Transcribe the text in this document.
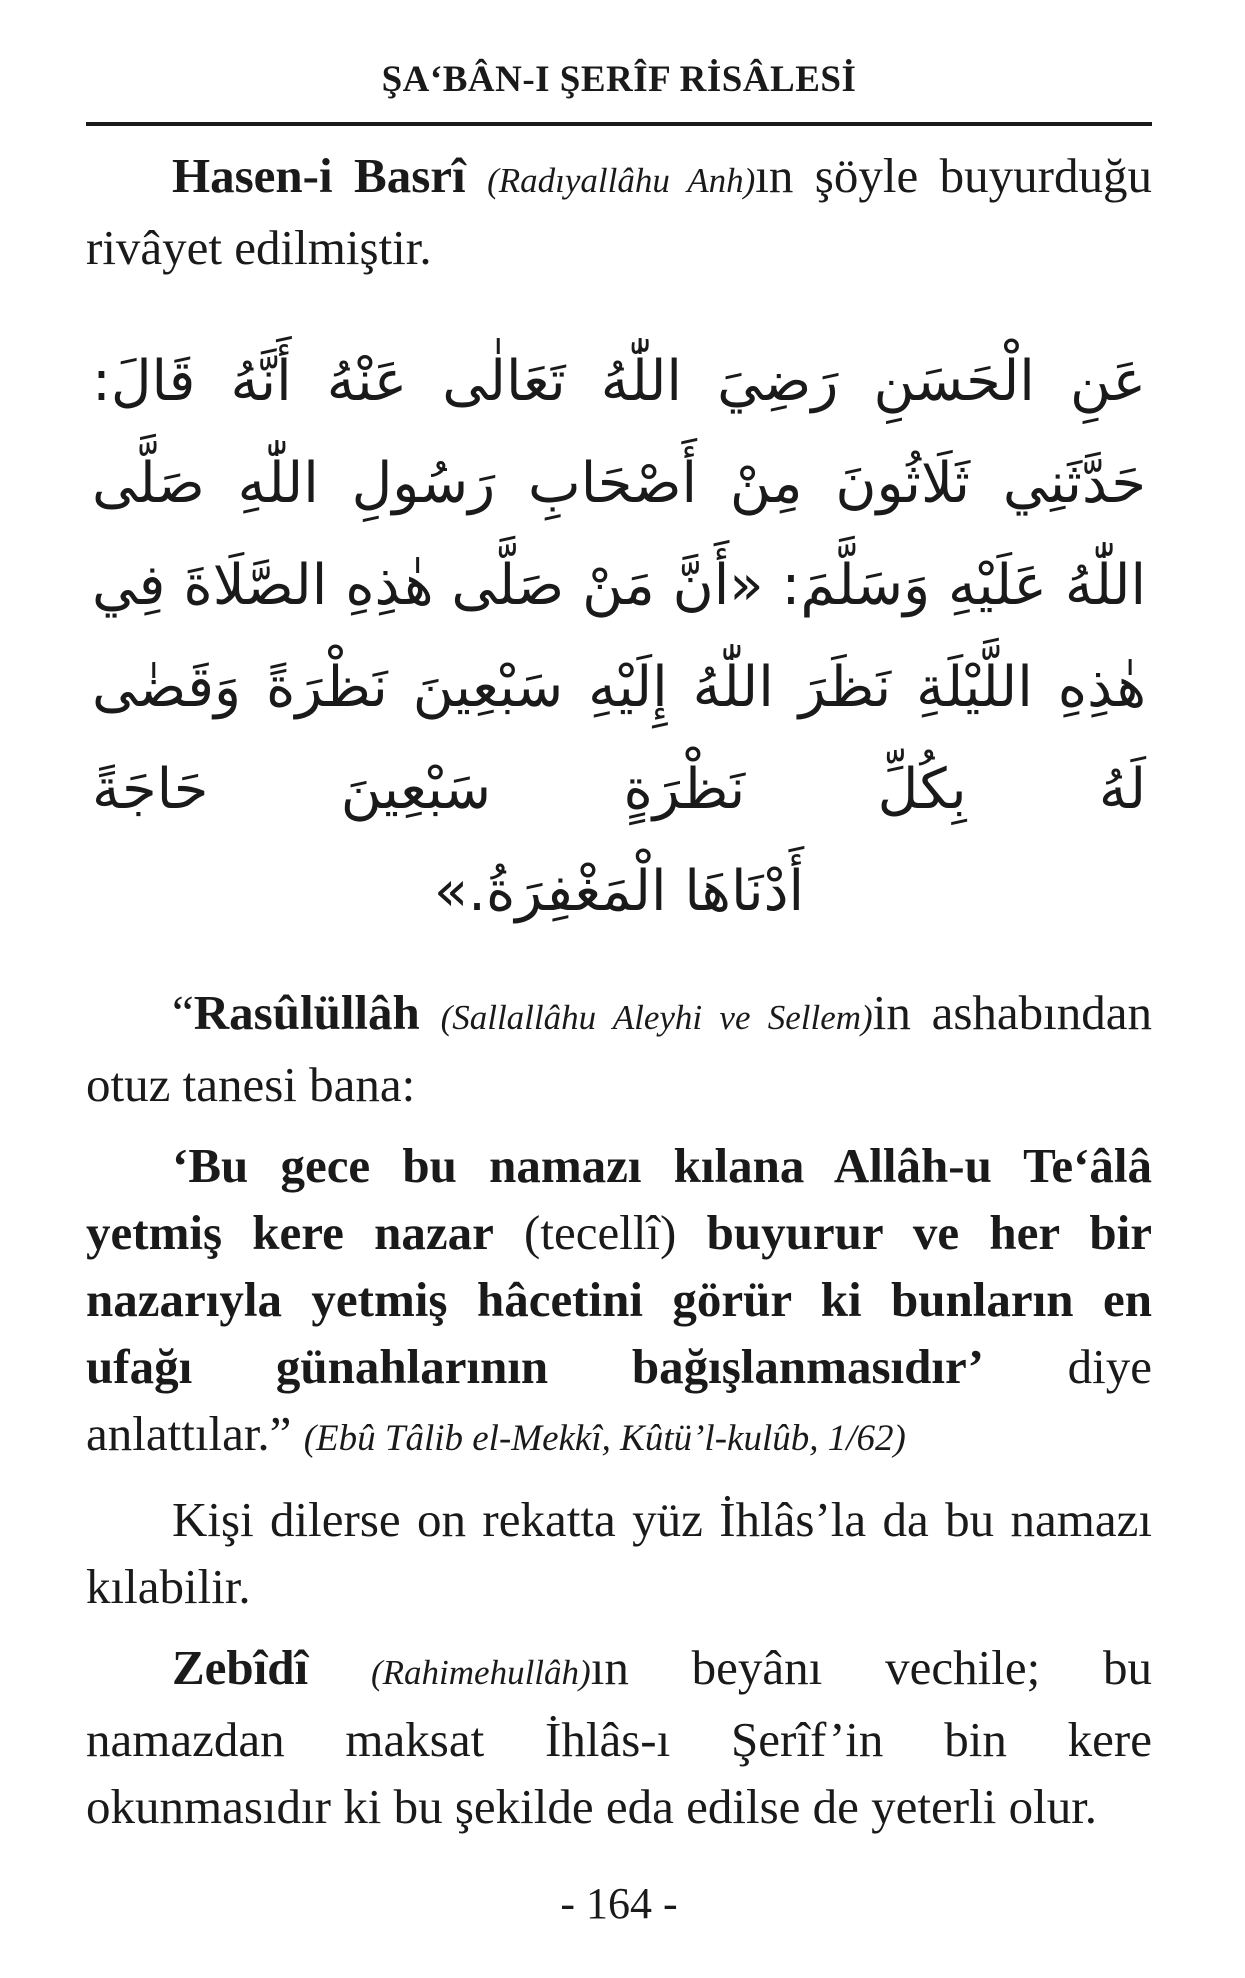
ŞA‘BÂN-I ŞERÎF RİSÂLESİ

Hasen-i Basrî (Radıyallâhu Anh)ın şöyle buyurduğu rivâyet edilmiştir.

عَنِ الْحَسَنِ رَضِيَ اللّٰهُ تَعَالٰى عَنْهُ أَنَّهُ قَالَ: حَدَّثَنِي ثَلَاثُونَ مِنْ أَصْحَابِ رَسُولِ اللّٰهِ صَلَّى اللّٰهُ عَلَيْهِ وَسَلَّمَ: «أَنَّ مَنْ صَلَّى هٰذِهِ الصَّلَاةَ فِي هٰذِهِ اللَّيْلَةِ نَظَرَ اللّٰهُ إِلَيْهِ سَبْعِينَ نَظْرَةً وَقَضٰى لَهُ بِكُلِّ نَظْرَةٍ سَبْعِينَ حَاجَةً
أَدْنَاهَا الْمَغْفِرَةُ.»

“Rasûlüllâh (Sallallâhu Aleyhi ve Sellem)in ashabından otuz tanesi bana:

‘Bu gece bu namazı kılana Allâh-u Te‘âlâ yetmiş kere nazar (tecellî) buyurur ve her bir nazarıyla yetmiş hâcetini görür ki bunların en ufağı günahlarının bağışlanmasıdır’ diye anlattılar.” (Ebû Tâlib el-Mekkî, Kûtü’l-kulûb, 1/62)

Kişi dilerse on rekatta yüz İhlâs’la da bu namazı kılabilir.

Zebîdî (Rahimehullâh)ın beyânı vechile; bu namazdan maksat İhlâs-ı Şerîf’in bin kere okunmasıdır ki bu şekilde eda edilse de yeterli olur.

- 164 -
